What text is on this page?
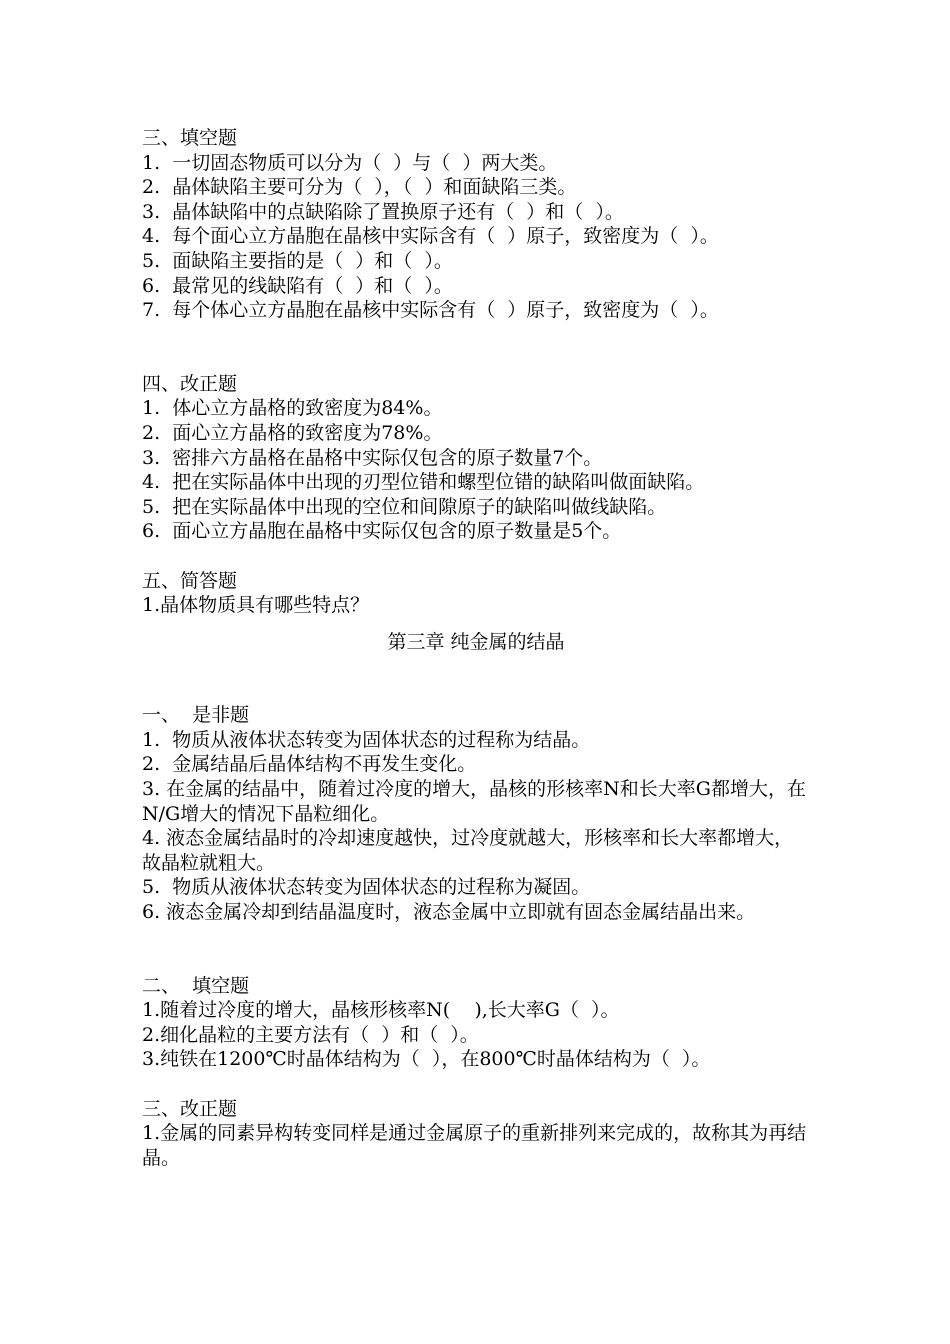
三、填空题
1.  一切固态物质可以分为（  ）与（  ）两大类。
2.  晶体缺陷主要可分为（  ），（  ）和面缺陷三类。
3.  晶体缺陷中的点缺陷除了置换原子还有（  ）和（  ）。
4.  每个面心立方晶胞在晶核中实际含有（  ）原子，致密度为（  ）。
5.  面缺陷主要指的是（  ）和（  ）。
6.  最常见的线缺陷有（  ）和（  ）。
7.  每个体心立方晶胞在晶核中实际含有（  ）原子，致密度为（  ）。
四、改正题
1.  体心立方晶格的致密度为84%。
2.  面心立方晶格的致密度为78%。
3.  密排六方晶格在晶格中实际仅包含的原子数量7个。
4.  把在实际晶体中出现的刃型位错和螺型位错的缺陷叫做面缺陷。
5.  把在实际晶体中出现的空位和间隙原子的缺陷叫做线缺陷。
6.  面心立方晶胞在晶格中实际仅包含的原子数量是5个。
五、简答题
1.晶体物质具有哪些特点？
第三章 纯金属的结晶
一、  是非题
1.  物质从液体状态转变为固体状态的过程称为结晶。
2.  金属结晶后晶体结构不再发生变化。
3. 在金属的结晶中，随着过冷度的增大，晶核的形核率N和长大率G都增大，在N/G增大的情况下晶粒细化。
4. 液态金属结晶时的冷却速度越快，过冷度就越大，形核率和长大率都增大，故晶粒就粗大。
5.  物质从液体状态转变为固体状态的过程称为凝固。
6. 液态金属冷却到结晶温度时，液态金属中立即就有固态金属结晶出来。
二、  填空题
1.随着过冷度的增大，晶核形核率N(    ),长大率G（  ）。
2.细化晶粒的主要方法有（  ）和（  ）。
3.纯铁在1200℃时晶体结构为（  ），在800℃时晶体结构为（  ）。
三、改正题
1.金属的同素异构转变同样是通过金属原子的重新排列来完成的，故称其为再结晶。
